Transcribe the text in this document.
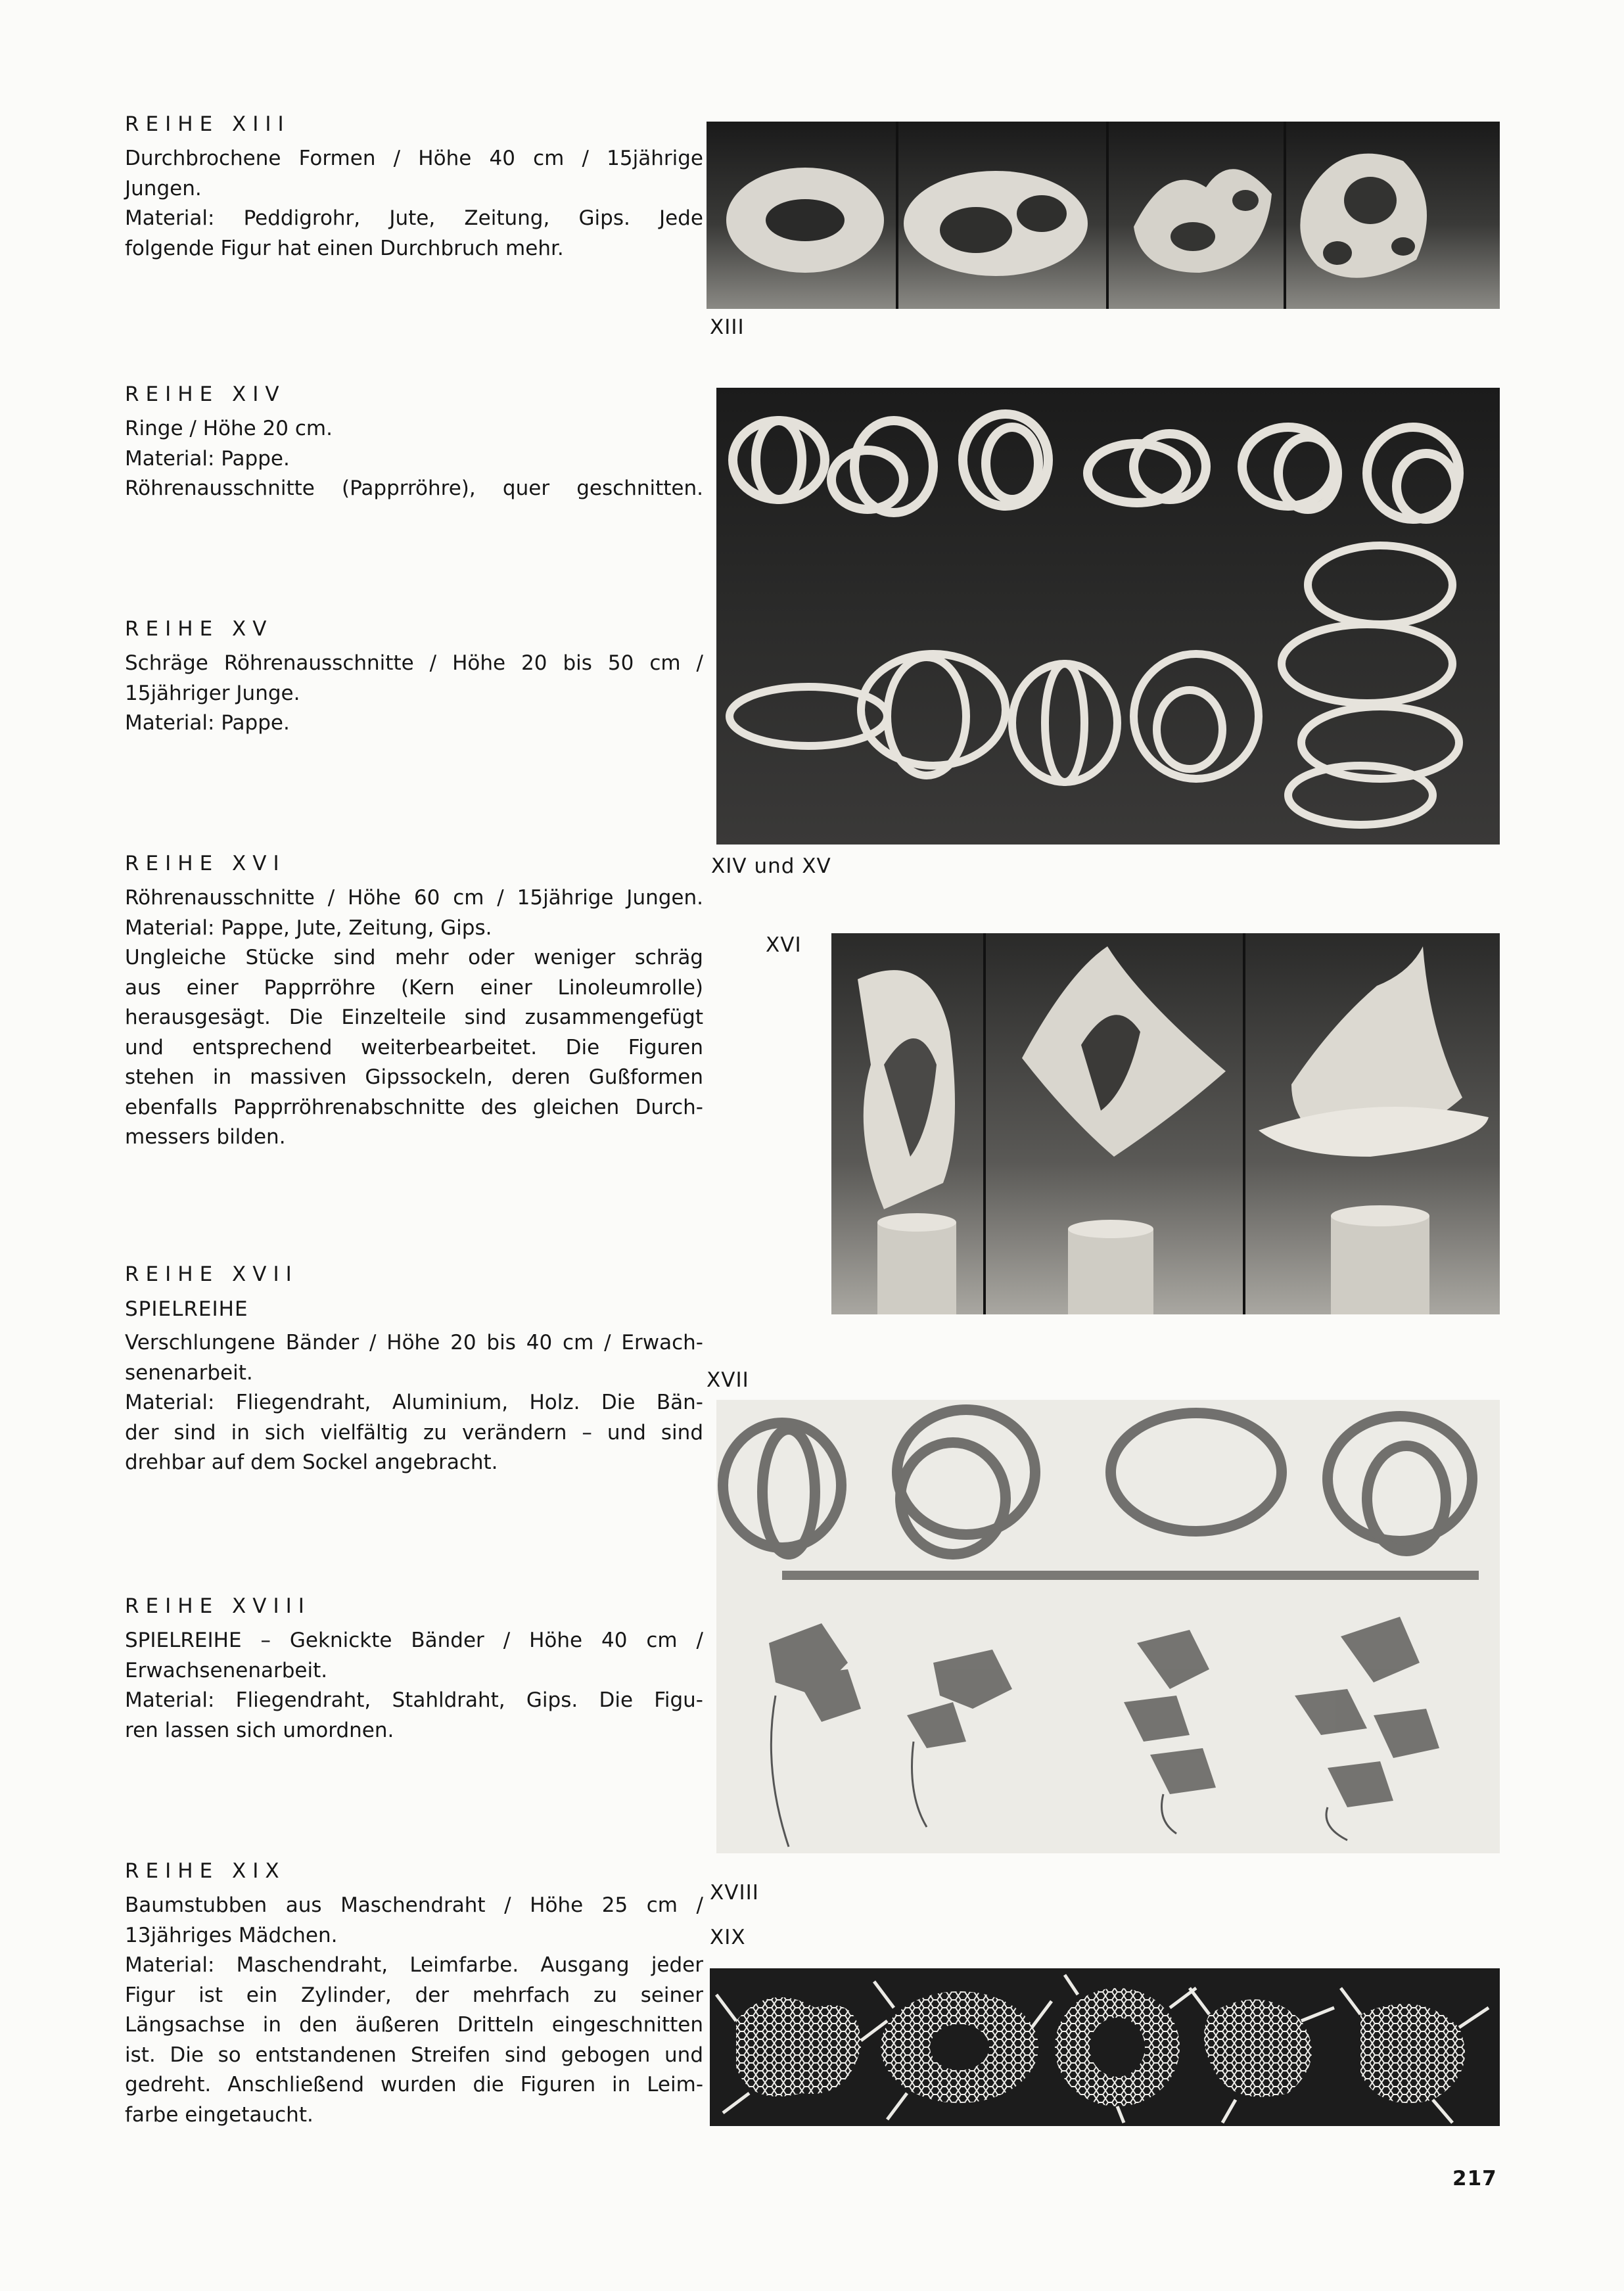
REIHE XIII
Durchbrochene Formen / Höhe 40 cm / 15jährige
Jungen.
Material: Peddigrohr, Jute, Zeitung, Gips. Jede
folgende Figur hat einen Durchbruch mehr.
REIHE XIV
Ringe / Höhe 20 cm.
Material: Pappe.
Röhrenausschnitte (Papprröhre), quer geschnitten.
REIHE XV
Schräge Röhrenausschnitte / Höhe 20 bis 50 cm /
15jähriger Junge.
Material: Pappe.
REIHE XVI
Röhrenausschnitte / Höhe 60 cm / 15jährige Jungen.
Material: Pappe, Jute, Zeitung, Gips.
Ungleiche Stücke sind mehr oder weniger schräg
aus einer Papprröhre (Kern einer Linoleumrolle)
herausgesägt. Die Einzelteile sind zusammengefügt
und entsprechend weiterbearbeitet. Die Figuren
stehen in massiven Gipssockeln, deren Gußformen
ebenfalls Papprröhrenabschnitte des gleichen Durch-
messers bilden.
REIHE XVII
SPIELREIHE
Verschlungene Bänder / Höhe 20 bis 40 cm / Erwach-
senenarbeit.
Material: Fliegendraht, Aluminium, Holz. Die Bän-
der sind in sich vielfältig zu verändern – und sind
drehbar auf dem Sockel angebracht.
REIHE XVIII
SPIELREIHE – Geknickte Bänder / Höhe 40 cm /
Erwachsenenarbeit.
Material: Fliegendraht, Stahldraht, Gips. Die Figu-
ren lassen sich umordnen.
REIHE XIX
Baumstubben aus Maschendraht / Höhe 25 cm /
13jähriges Mädchen.
Material: Maschendraht, Leimfarbe. Ausgang jeder
Figur ist ein Zylinder, der mehrfach zu seiner
Längsachse in den äußeren Dritteln eingeschnitten
ist. Die so entstandenen Streifen sind gebogen und
gedreht. Anschließend wurden die Figuren in Leim-
farbe eingetaucht.
XIII
XIV und XV
XVI
XVII
XVIII
XIX
217
